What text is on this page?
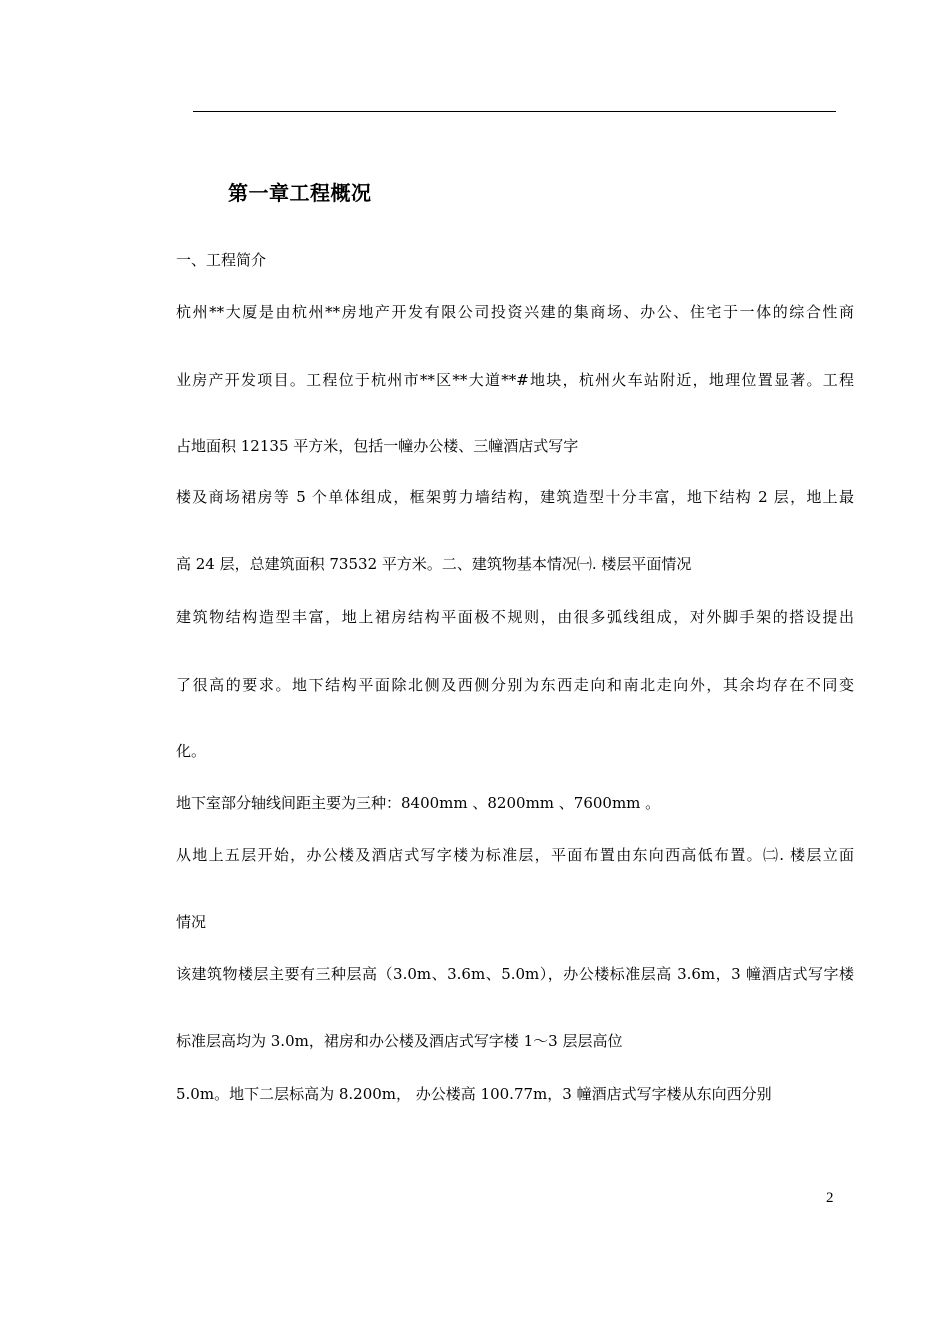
第一章工程概况
一、工程简介
杭州**大厦是由杭州**房地产开发有限公司投资兴建的集商场、办公、住宅于一体的综合性商
业房产开发项目。工程位于杭州市**区**大道**#地块，杭州火车站附近，地理位置显著。工程
占地面积 12135 平方米，包括一幢办公楼、三幢酒店式写字
楼及商场裙房等 5 个单体组成，框架剪力墙结构，建筑造型十分丰富，地下结构 2 层，地上最
高 24 层，总建筑面积 73532 平方米。二、建筑物基本情况㈠. 楼层平面情况
建筑物结构造型丰富，地上裙房结构平面极不规则，由很多弧线组成，对外脚手架的搭设提出
了很高的要求。地下结构平面除北侧及西侧分别为东西走向和南北走向外，其余均存在不同变
化。
地下室部分轴线间距主要为三种：8400mm 、8200mm 、7600mm 。
从地上五层开始，办公楼及酒店式写字楼为标准层，平面布置由东向西高低布置。㈡. 楼层立面
情况
该建筑物楼层主要有三种层高（3.0m、3.6m、5.0m），办公楼标准层高 3.6m，3 幢酒店式写字楼
标准层高均为 3.0m，裙房和办公楼及酒店式写字楼 1～3 层层高位
5.0m。地下二层标高为 8.200m， 办公楼高 100.77m，3 幢酒店式写字楼从东向西分别
2
